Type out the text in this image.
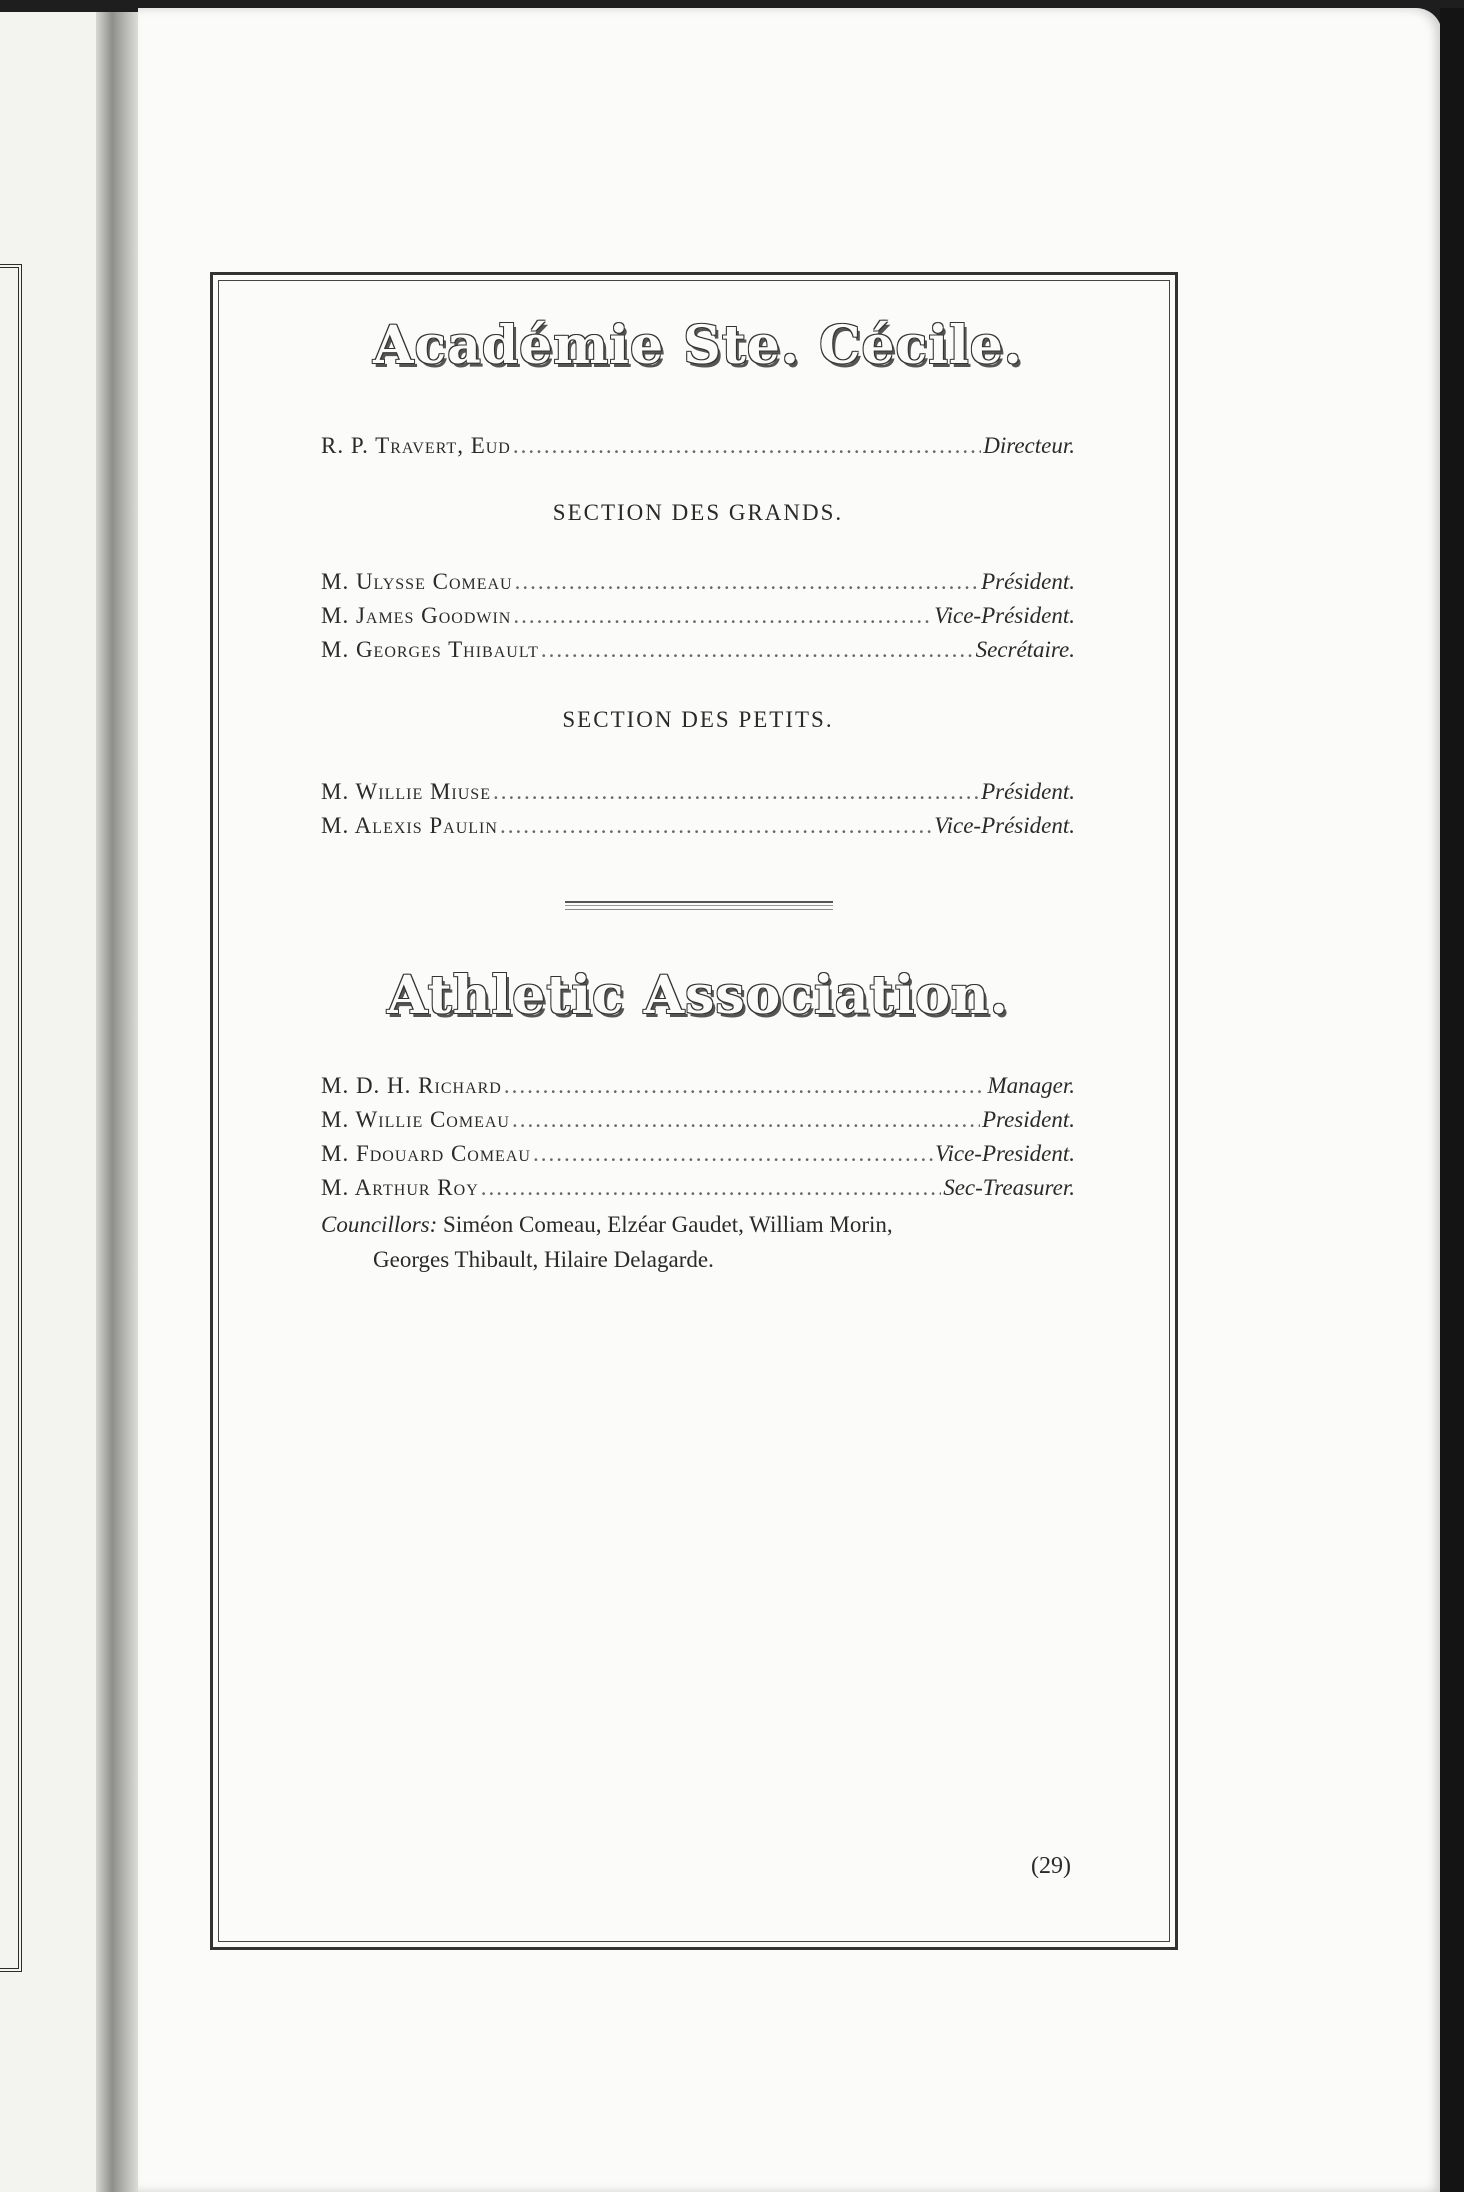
Académie Ste. Cécile.
R. P. Travert, Eud .....	Directeur.
SECTION DES GRANDS.
M. Ulysse Comeau .....	Président.
M. James Goodwin .....	Vice-Président.
M. Georges Thibault .....	Secrétaire.
SECTION DES PETITS.
M. Willie Miuse .....	Président.
M. Alexis Paulin .....	Vice-Président.
Athletic Association.
M. D. H. Richard .....	Manager.
M. Willie Comeau .....	President.
M. Fdouard Comeau .....	Vice-President.
M. Arthur Roy .....	Sec-Treasurer.
Councillors: Siméon Comeau, Elzéar Gaudet, William Morin,
Georges Thibault, Hilaire Delagarde.
(29)
